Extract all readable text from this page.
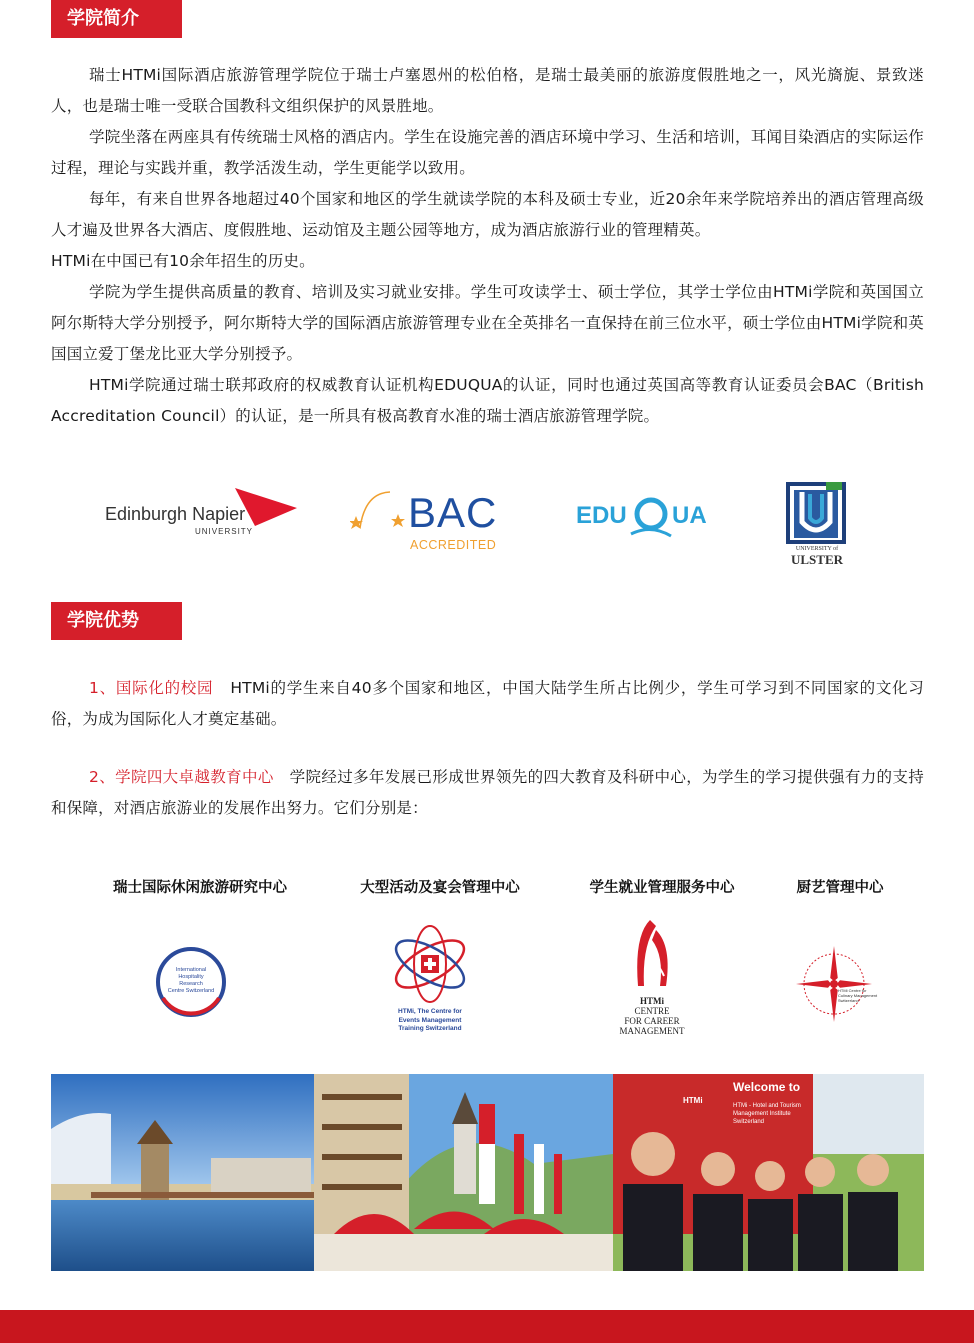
学院简介

瑞士HTMi国际酒店旅游管理学院位于瑞士卢塞恩州的松伯格，是瑞士最美丽的旅游度假胜地之一，风光旖旎、景致迷人，也是瑞士唯一受联合国教科文组织保护的风景胜地。

学院坐落在两座具有传统瑞士风格的酒店内。学生在设施完善的酒店环境中学习、生活和培训，耳闻目染酒店的实际运作过程，理论与实践并重，教学活泼生动，学生更能学以致用。

每年，有来自世界各地超过40个国家和地区的学生就读学院的本科及硕士专业，近20余年来学院培养出的酒店管理高级人才遍及世界各大酒店、度假胜地、运动馆及主题公园等地方，成为酒店旅游行业的管理精英。

HTMi在中国已有10余年招生的历史。

学院为学生提供高质量的教育、培训及实习就业安排。学生可攻读学士、硕士学位，其学士学位由HTMi学院和英国国立阿尔斯特大学分别授予，阿尔斯特大学的国际酒店旅游管理专业在全英排名一直保持在前三位水平，硕士学位由HTMi学院和英国国立爱丁堡龙比亚大学分别授予。

HTMi学院通过瑞士联邦政府的权威教育认证机构EDUQUA的认证，同时也通过英国高等教育认证委员会BAC（British Accreditation Council）的认证，是一所具有极高教育水准的瑞士酒店旅游管理学院。

Edinburgh Napier
UNIVERSITY	BAC
ACCREDITED
EDU UA
UNIVERSITY of
ULSTER
学院优势

1、国际化的校园 HTMi的学生来自40多个国家和地区，中国大陆学生所占比例少，学生可学习到不同国家的文化习俗，为成为国际化人才奠定基础。

2、学院四大卓越教育中心 学院经过多年发展已形成世界领先的四大教育及科研中心，为学生的学习提供强有力的支持和保障，对酒店旅游业的发展作出努力。它们分别是：

瑞士国际休闲旅游研究中心	大型活动及宴会管理中心	学生就业管理服务中心	厨艺管理中心
International
Hospitality Research
Centre Switzerland
HTMi, The Centre for
Events Management
Training Switzerland
HTMi
CENTRE
FOR CAREER
MANAGEMENT
HTMi Centre for
Culinary Management
Switzerland
Welcome to
HTMi
HTMi - Hotel and Tourism Management Institute Switzerland
